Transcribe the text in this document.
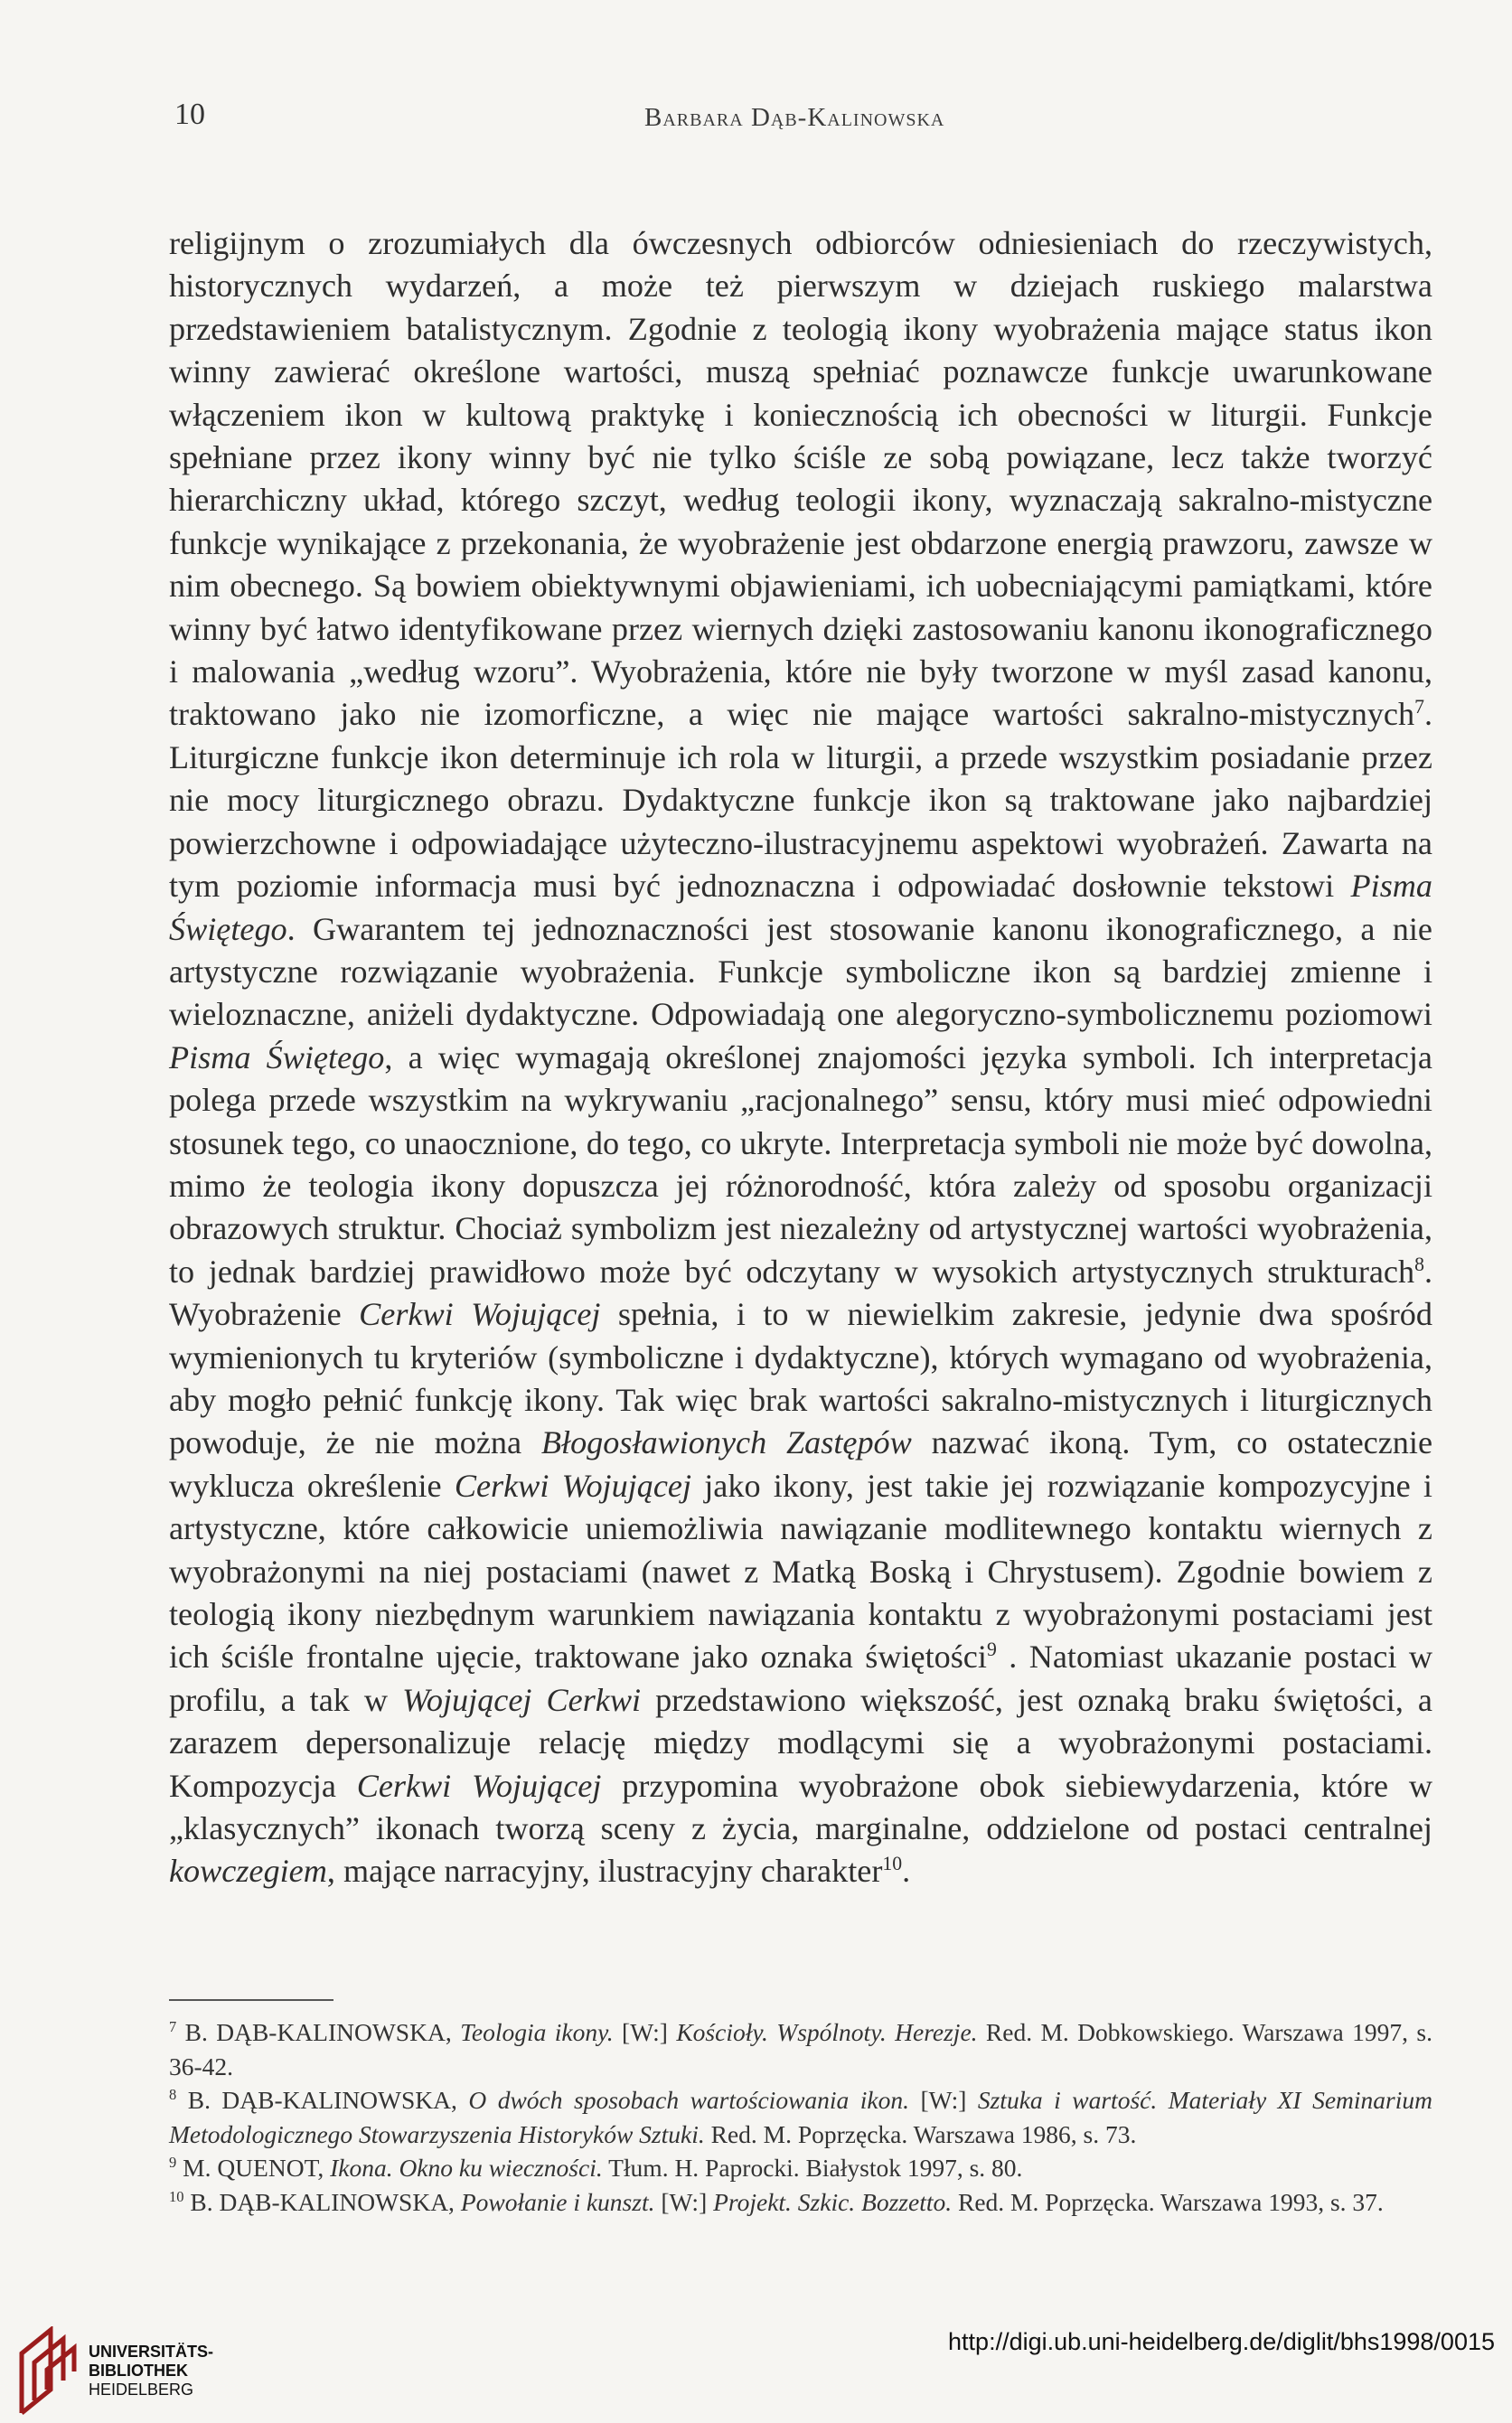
10	Barbara Dąb-Kalinowska
religijnym o zrozumiałych dla ówczesnych odbiorców odniesieniach do rzeczywistych, historycznych wydarzeń, a może też pierwszym w dziejach ruskiego malarstwa przedstawieniem batalistycznym. Zgodnie z teologią ikony wyobrażenia mające status ikon winny zawierać określone wartości, muszą spełniać poznawcze funkcje uwarunkowane włączeniem ikon w kultową praktykę i koniecznością ich obecności w liturgii. Funkcje spełniane przez ikony winny być nie tylko ściśle ze sobą powiązane, lecz także tworzyć hierarchiczny układ, którego szczyt, według teologii ikony, wyznaczają sakralno-mistyczne funkcje wynikające z przekonania, że wyobrażenie jest obdarzone energią prawzoru, zawsze w nim obecnego. Są bowiem obiektywnymi objawieniami, ich uobecniającymi pamiątkami, które winny być łatwo identyfikowane przez wiernych dzięki zastosowaniu kanonu ikonograficznego i malowania „według wzoru”. Wyobrażenia, które nie były tworzone w myśl zasad kanonu, traktowano jako nie izomorficzne, a więc nie mające wartości sakralno-mistycznych$^7$. Liturgiczne funkcje ikon determinuje ich rola w liturgii, a przede wszystkim posiadanie przez nie mocy liturgicznego obrazu. Dydaktyczne funkcje ikon są traktowane jako najbardziej powierzchowne i odpowiadające użyteczno-ilustracyjnemu aspektowi wyobrażeń. Zawarta na tym poziomie informacja musi być jednoznaczna i odpowiadać dosłownie tekstowi Pisma Świętego. Gwarantem tej jednoznaczności jest stosowanie kanonu ikonograficznego, a nie artystyczne rozwiązanie wyobrażenia. Funkcje symboliczne ikon są bardziej zmienne i wieloznaczne, aniżeli dydaktyczne. Odpowiadają one alegoryczno-symbolicznemu poziomowi Pisma Świętego, a więc wymagają określonej znajomości języka symboli. Ich interpretacja polega przede wszystkim na wykrywaniu „racjonalnego” sensu, który musi mieć odpowiedni stosunek tego, co unaocznione, do tego, co ukryte. Interpretacja symboli nie może być dowolna, mimo że teologia ikony dopuszcza jej różnorodność, która zależy od sposobu organizacji obrazowych struktur. Chociaż symbolizm jest niezależny od artystycznej wartości wyobrażenia, to jednak bardziej prawidłowo może być odczytany w wysokich artystycznych strukturach$^8$. Wyobrażenie Cerkwi Wojującej spełnia, i to w niewielkim zakresie, jedynie dwa spośród wymienionych tu kryteriów (symboliczne i dydaktyczne), których wymagano od wyobrażenia, aby mogło pełnić funkcję ikony. Tak więc brak wartości sakralno-mistycznych i liturgicznych powoduje, że nie można Błogosławionych Zastępów nazwać ikoną. Tym, co ostatecznie wyklucza określenie Cerkwi Wojującej jako ikony, jest takie jej rozwiązanie kompozycyjne i artystyczne, które całkowicie uniemożliwia nawiązanie modlitewnego kontaktu wiernych z wyobrażonymi na niej postaciami (nawet z Matką Boską i Chrystusem). Zgodnie bowiem z teologią ikony niezbędnym warunkiem nawiązania kontaktu z wyobrażonymi postaciami jest ich ściśle frontalne ujęcie, traktowane jako oznaka świętości$^9$ . Natomiast ukazanie postaci w profilu, a tak w Wojującej Cerkwi przedstawiono większość, jest oznaką braku świętości, a zarazem depersonalizuje relację między modlącymi się a wyobrażonymi postaciami. Kompozycja Cerkwi Wojującej przypomina wyobrażone obok siebiewydarzenia, które w „klasycznych” ikonach tworzą sceny z życia, marginalne, oddzielone od postaci centralnej kowczegiem, mające narracyjny, ilustracyjny charakter$^{10}$.

$^7$ B. DĄB-KALINOWSKA, Teologia ikony. [W:] Kościoły. Wspólnoty. Herezje. Red. M. Dobkowskiego. Warszawa 1997, s. 36-42.

$^8$ B. DĄB-KALINOWSKA, O dwóch sposobach wartościowania ikon. [W:] Sztuka i wartość. Materiały XI Seminarium Metodologicznego Stowarzyszenia Historyków Sztuki. Red. M. Poprzęcka. Warszawa 1986, s. 73.

$^9$ M. QUENOT, Ikona. Okno ku wieczności. Tłum. H. Paprocki. Białystok 1997, s. 80.

$^{10}$ B. DĄB-KALINOWSKA, Powołanie i kunszt. [W:] Projekt. Szkic. Bozzetto. Red. M. Poprzęcka. Warszawa 1993, s. 37.

UNIVERSITÄTS-
BIBLIOTHEK
HEIDELBERG
http://digi.ub.uni-heidelberg.de/diglit/bhs1998/0015
